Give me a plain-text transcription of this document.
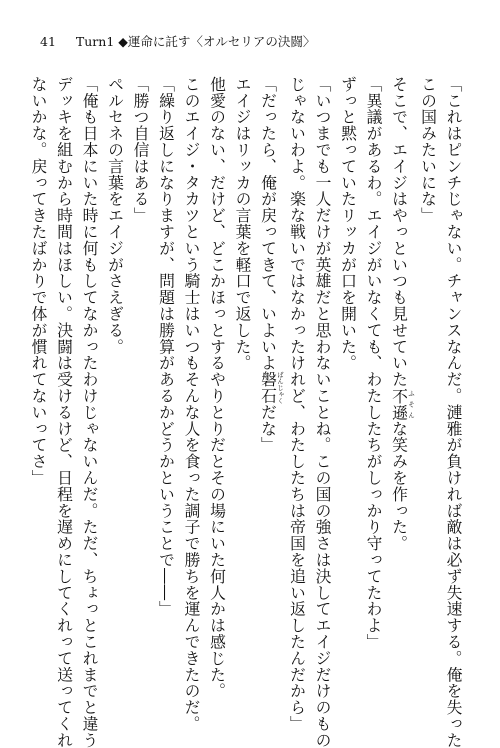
41 Turn1 ◆運命に託す〈オルセリアの決闘〉
「これはピンチじゃない。チャンスなんだ。漣雅が負ければ敵は必ず失速する。俺を失った
この国みたいにな」
そこで、エイジはやっといつも見せていた不遜ふそんな笑みを作った。
「異議があるわ。エイジがいなくても、わたしたちがしっかり守ってたわよ」
ずっと黙っていたリッカが口を開いた。
「いつまでも一人だけが英雄だと思わないことね。この国の強さは決してエイジだけのもの
じゃないわよ。楽な戦いではなかったけれど、わたしたちは帝国を追い返したんだから」
「だったら、俺が戻ってきて、いよいよ磐石ばんじゃくだな」
エイジはリッカの言葉を軽口で返した。
他愛のない、だけど、どこかほっとするやりとりだとその場にいた何人かは感じた。
このエイジ・タカツという騎士はいつもそんな人を食った調子で勝ちを運んできたのだ。
「繰り返しになりますが、問題は勝算があるかどうかということで――」
「勝つ自信はある」
ペルセネの言葉をエイジがさえぎる。
「俺も日本にいた時に何もしてなかったわけじゃないんだ。ただ、ちょっとこれまでと違う
デッキを組むから時間はほしい。決闘は受けるけど、日程を遅めにしてくれって送ってくれ
ないかな。戻ってきたばかりで体が慣れてないってさ」
